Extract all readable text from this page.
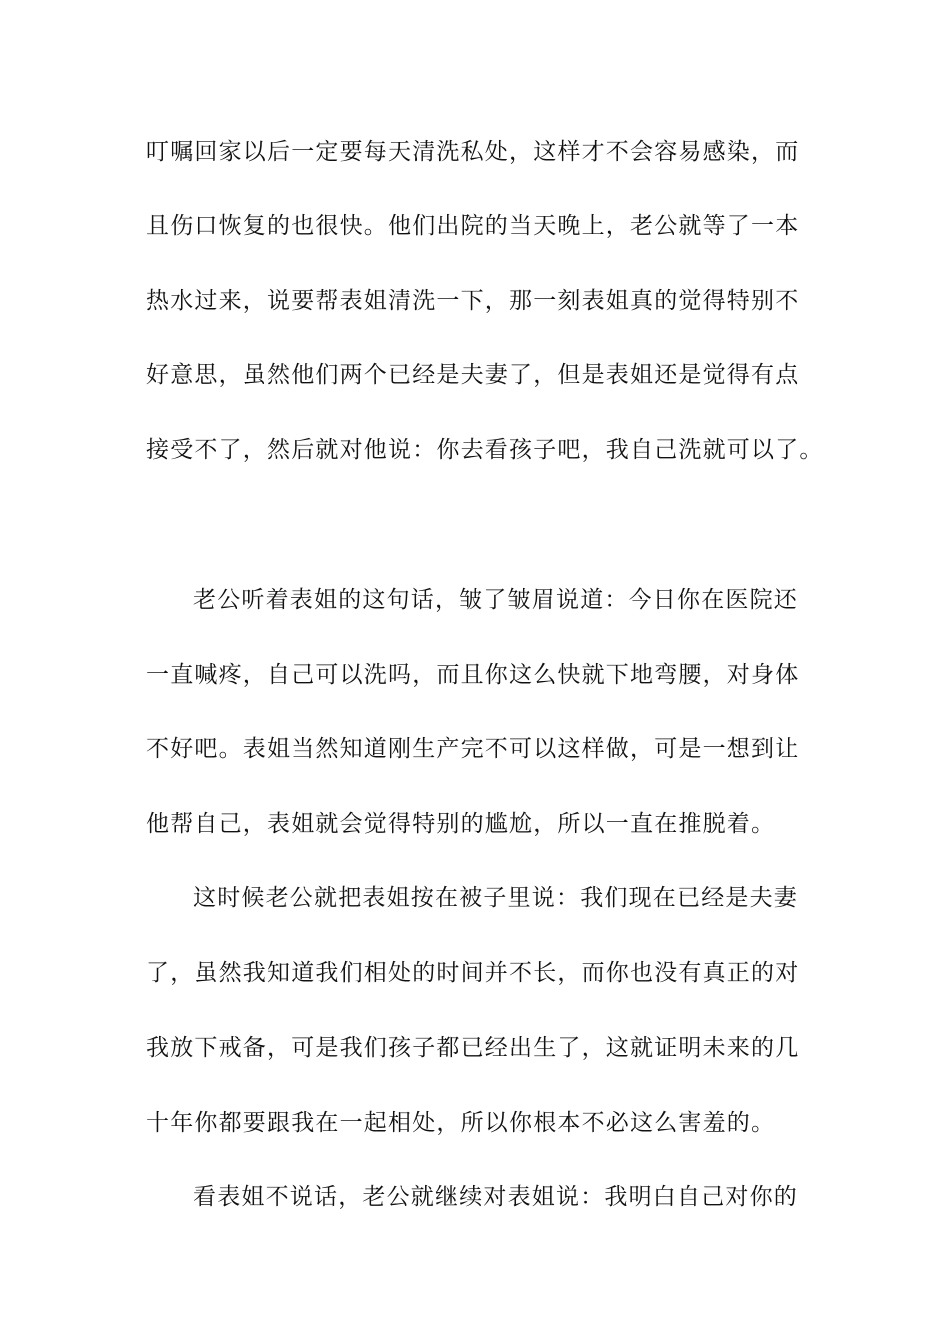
叮嘱回家以后一定要每天清洗私处，这样才不会容易感染，而
且伤口恢复的也很快。他们出院的当天晚上，老公就等了一本
热水过来，说要帮表姐清洗一下，那一刻表姐真的觉得特别不
好意思，虽然他们两个已经是夫妻了，但是表姐还是觉得有点
接受不了，然后就对他说：你去看孩子吧，我自己洗就可以了。
老公听着表姐的这句话，皱了皱眉说道：今日你在医院还
一直喊疼，自己可以洗吗，而且你这么快就下地弯腰，对身体
不好吧。表姐当然知道刚生产完不可以这样做，可是一想到让
他帮自己，表姐就会觉得特别的尴尬，所以一直在推脱着。
这时候老公就把表姐按在被子里说：我们现在已经是夫妻
了，虽然我知道我们相处的时间并不长，而你也没有真正的对
我放下戒备，可是我们孩子都已经出生了，这就证明未来的几
十年你都要跟我在一起相处，所以你根本不必这么害羞的。
看表姐不说话，老公就继续对表姐说：我明白自己对你的
